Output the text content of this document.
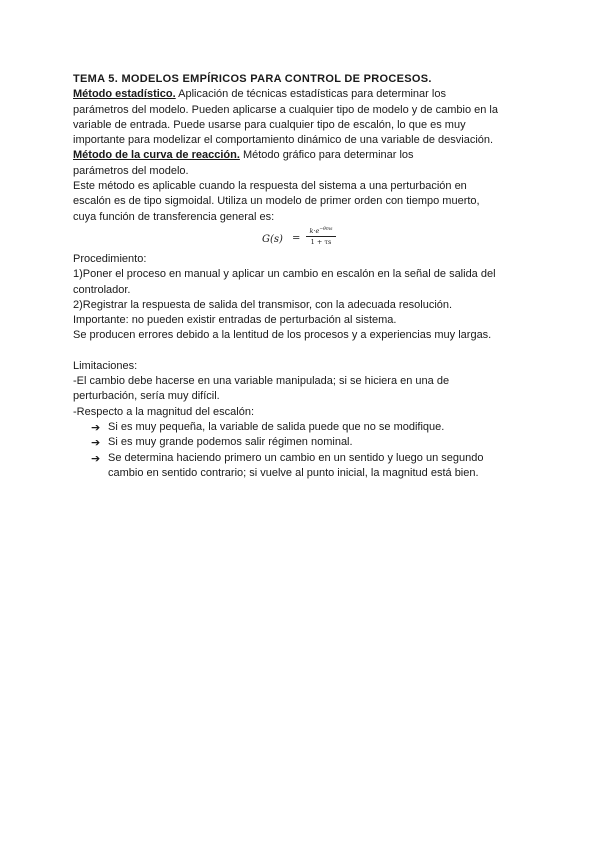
TEMA 5. MODELOS EMPÍRICOS PARA CONTROL DE PROCESOS.
Método estadístico. Aplicación de técnicas estadísticas para determinar los
parámetros del modelo. Pueden aplicarse a cualquier tipo de modelo y de cambio en la
variable de entrada. Puede usarse para cualquier tipo de escalón, lo que es muy
importante para modelizar el comportamiento dinámico de una variable de desviación.
Método de la curva de reacción. Método gráfico para determinar los
parámetros del modelo.
Este método es aplicable cuando la respuesta del sistema a una perturbación en
escalón es de tipo sigmoidal. Utiliza un modelo de primer orden con tiempo muerto,
cuya función de transferencia general es:
G(s) =
$k\cdot e^{-\theta ms}$
1 + τs
Procedimiento:
1)Poner el proceso en manual y aplicar un cambio en escalón en la señal de salida del
controlador.
2)Registrar la respuesta de salida del transmisor, con la adecuada resolución.
Importante: no pueden existir entradas de perturbación al sistema.
Se producen errores debido a la lentitud de los procesos y a experiencias muy largas.
Limitaciones:
-El cambio debe hacerse en una variable manipulada; si se hiciera en una de
perturbación, sería muy difícil.
-Respecto a la magnitud del escalón:
➔ Si es muy pequeña, la variable de salida puede que no se modifique.
➔ Si es muy grande podemos salir régimen nominal.
➔ Se determina haciendo primero un cambio en un sentido y luego un segundo
cambio en sentido contrario; si vuelve al punto inicial, la magnitud está bien.
